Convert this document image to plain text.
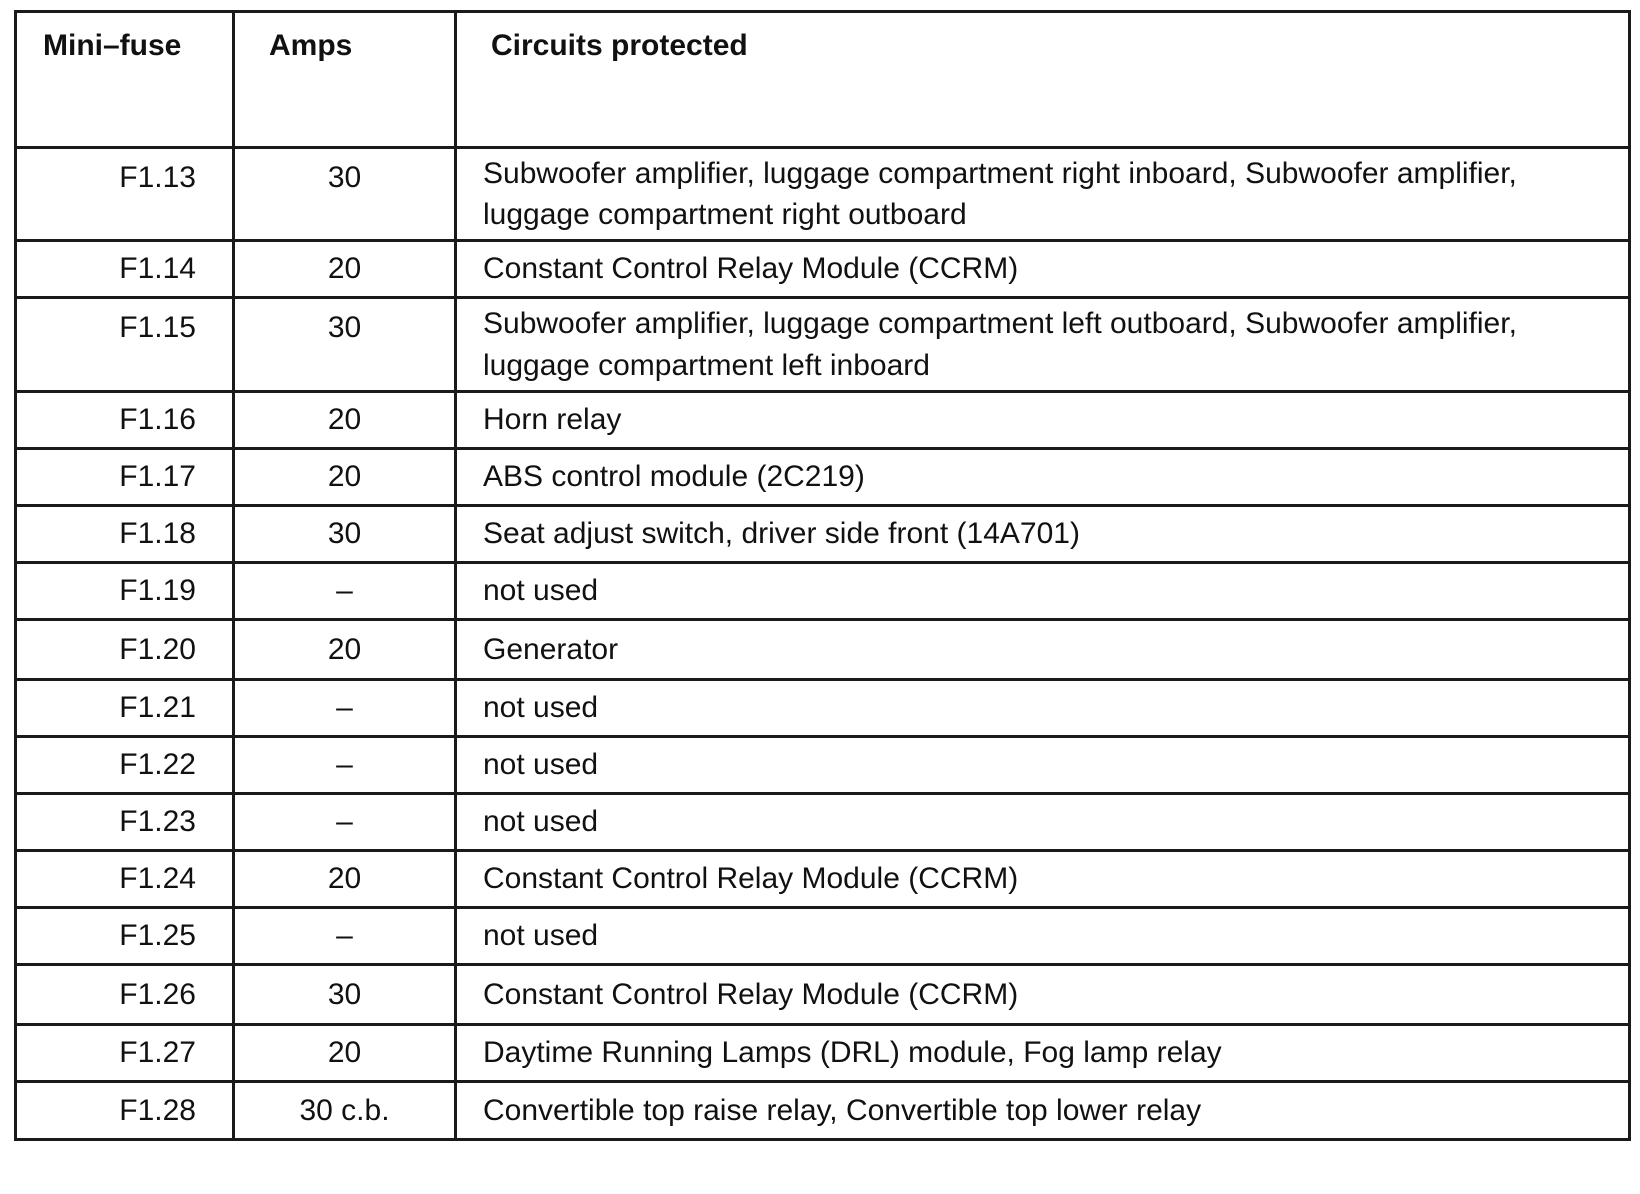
Mini–fuse	Amps	Circuits protected
F1.13	30	Subwoofer amplifier, luggage compartment right inboard, Subwoofer amplifier, luggage compartment right outboard
F1.14	20	Constant Control Relay Module (CCRM)
F1.15	30	Subwoofer amplifier, luggage compartment left outboard, Subwoofer amplifier, luggage compartment left inboard
F1.16	20	Horn relay
F1.17	20	ABS control module (2C219)
F1.18	30	Seat adjust switch, driver side front (14A701)
F1.19	–	not used
F1.20	20	Generator
F1.21	–	not used
F1.22	–	not used
F1.23	–	not used
F1.24	20	Constant Control Relay Module (CCRM)
F1.25	–	not used
F1.26	30	Constant Control Relay Module (CCRM)
F1.27	20	Daytime Running Lamps (DRL) module, Fog lamp relay
F1.28	30 c.b.	Convertible top raise relay, Convertible top lower relay
